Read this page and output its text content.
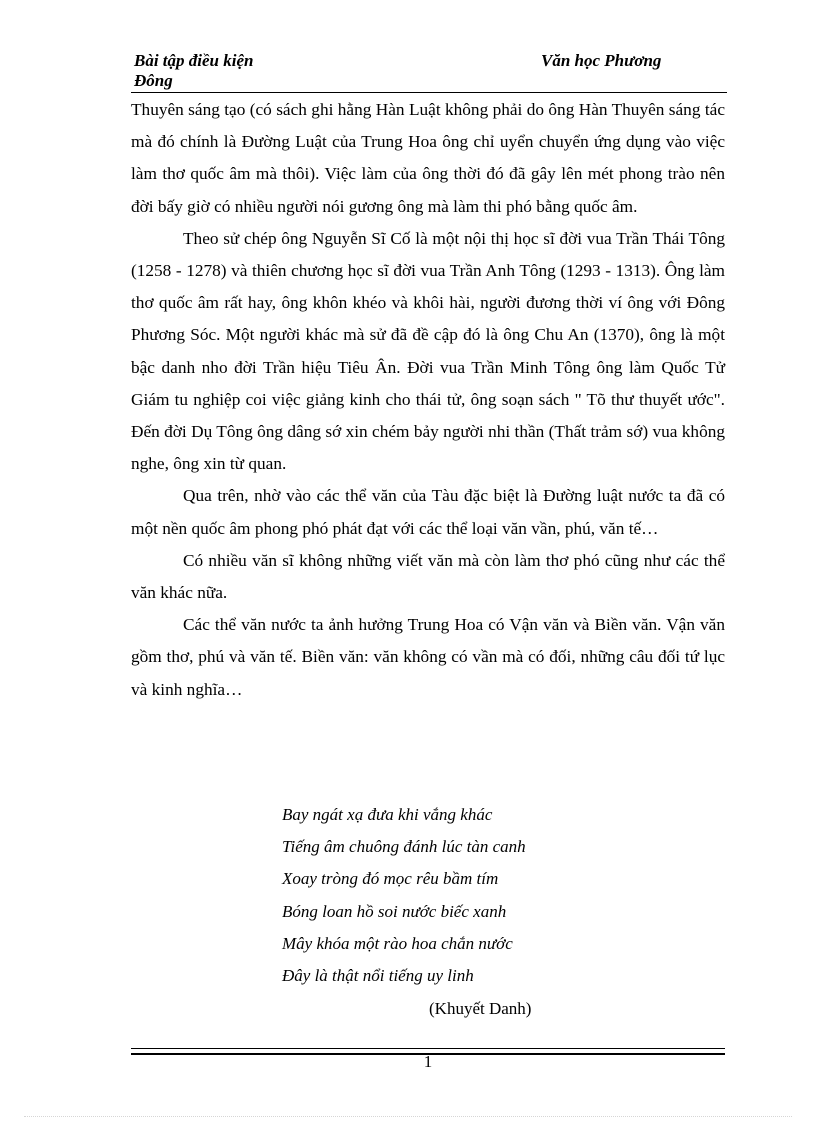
Bài tập điều kiện Đông
Văn học Phương

Thuyên sáng tạo (có sách ghi hằng Hàn Luật không phải do ông Hàn Thuyên sáng tác mà đó chính là Đường Luật của Trung Hoa ông chỉ uyển chuyển ứng dụng vào việc làm thơ quốc âm mà thôi). Việc làm của ông thời đó đã gây lên mét phong trào nên đời bấy giờ có nhiều người nói gương ông mà làm thi phó bằng quốc âm.

Theo sử chép ông Nguyễn Sĩ Cố là một nội thị học sĩ đời vua Trần Thái Tông (1258 - 1278) và thiên chương học sĩ đời vua Trần Anh Tông (1293 - 1313). Ông làm thơ quốc âm rất hay, ông khôn khéo và khôi hài, người đương thời ví ông với Đông Phương Sóc. Một người khác mà sử đã đề cập đó là ông Chu An (1370), ông là một bậc danh nho đời Trần hiệu Tiêu Ân. Đời vua Trần Minh Tông ông làm Quốc Tử Giám tu nghiệp coi việc giảng kinh cho thái tử, ông soạn sách " Tõ thư thuyết ước". Đến đời Dụ Tông ông dâng sớ xin chém bảy người nhi thần (Thất trảm sớ) vua không nghe, ông xin từ quan.

Qua trên, nhờ vào các thể văn của Tàu đặc biệt là Đường luật nước ta đã có một nền quốc âm phong phó phát đạt với các thể loại văn vần, phú, văn tế…

Có nhiều văn sĩ không những viết văn mà còn làm thơ phó cũng như các thể văn khác nữa.

Các thể văn nước ta ảnh hưởng Trung Hoa có Vận văn và Biền văn. Vận văn gồm thơ, phú và văn tế. Biền văn: văn không có vần mà có đối, những câu đối tứ lục và kinh nghĩa…

Bay ngát xạ đưa khi vắng khác
Tiếng âm chuông đánh lúc tàn canh
Xoay tròng đó mọc rêu bầm tím
Bóng loan hồ soi nước biếc xanh
Mây khóa một rào hoa chắn nước
Đây là thật nổi tiếng uy linh
(Khuyết Danh)
1
